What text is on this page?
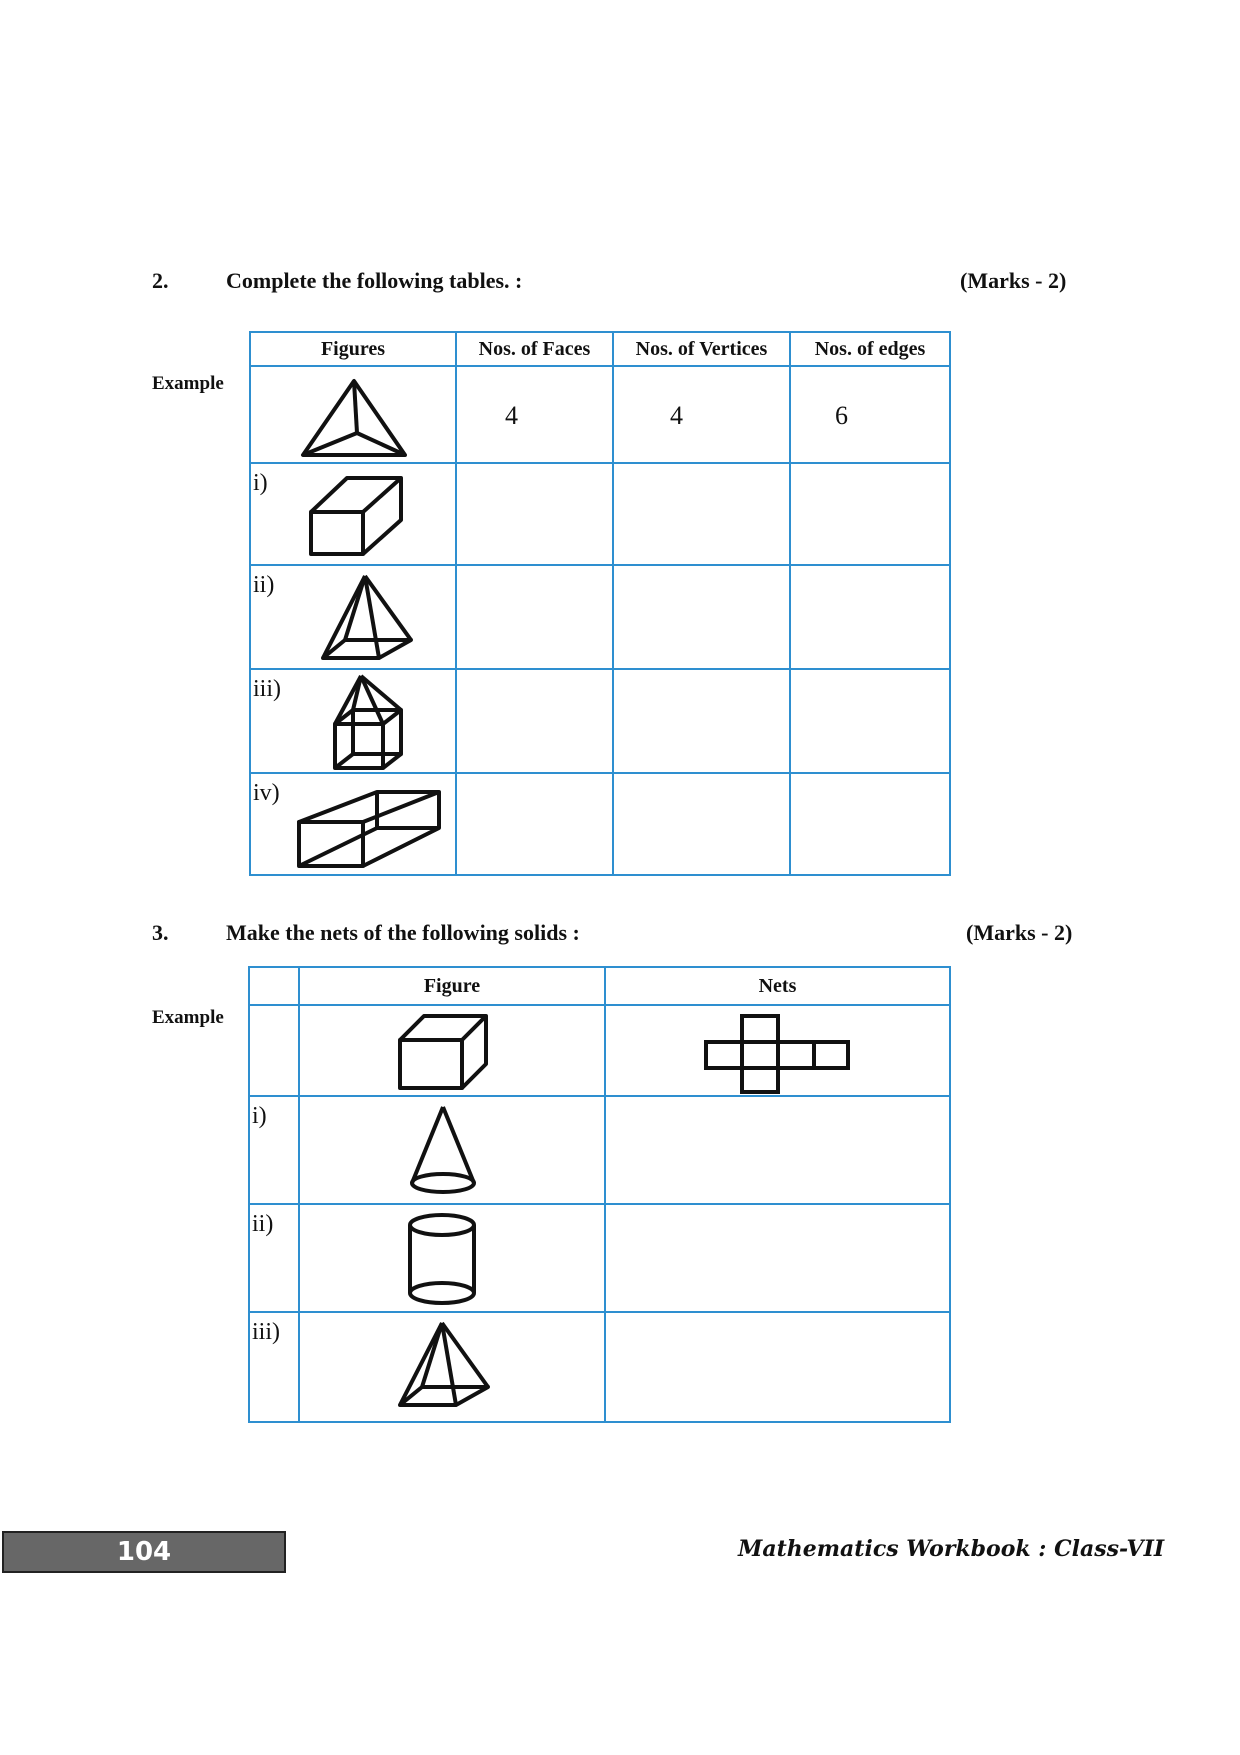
2.	Complete the following tables. :	(Marks - 2)
Example
Figures	Nos. of Faces	Nos. of Vertices	Nos. of edges

4	4	6

i)			

ii)			

iii)			

iv)			

3.	Make the nets of the following solids :	(Marks - 2)
Example
	Figure	Nets

i)

ii)

iii)

104	Mathematics Workbook : Class-VII
